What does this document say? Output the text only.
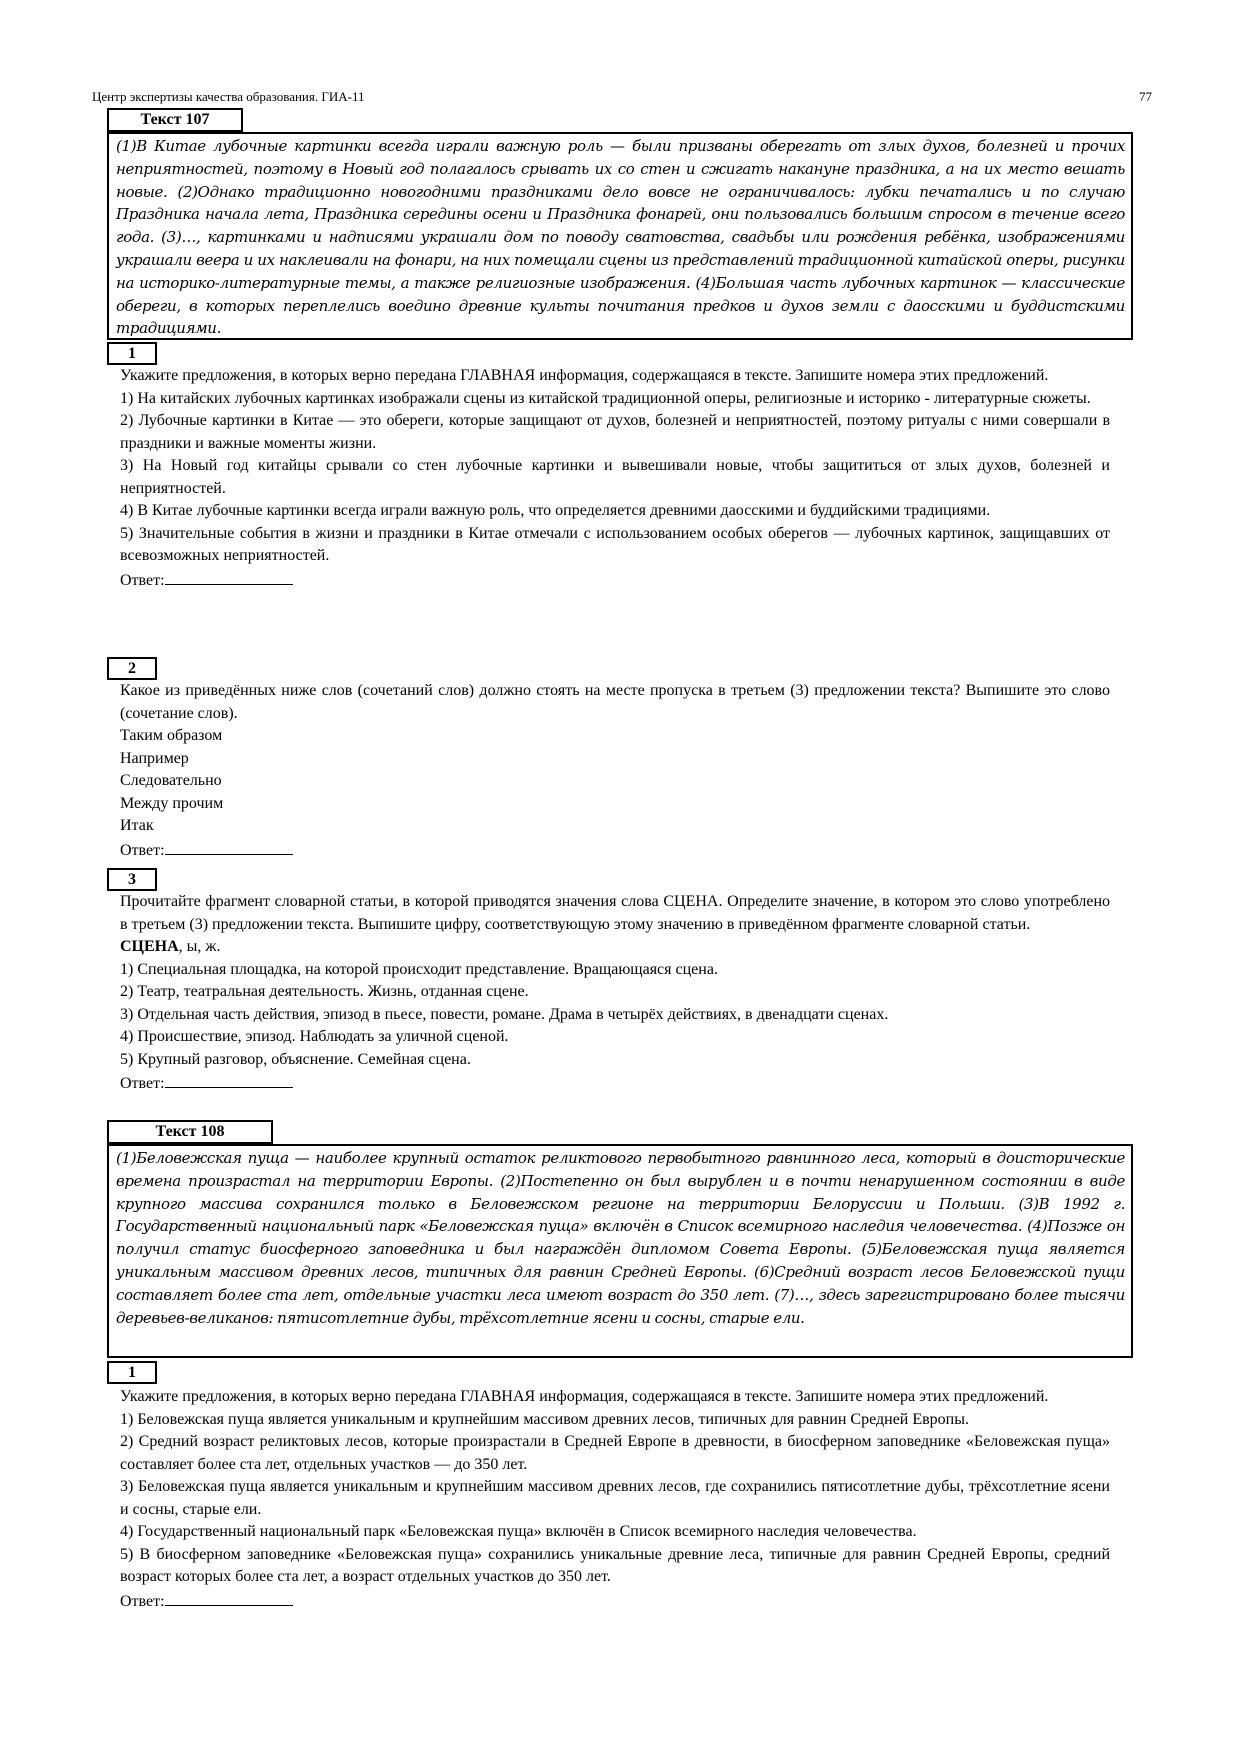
Центр экспертизы качества образования. ГИА-11	77
Текст 107
(1)В Китае лубочные картинки всегда играли важную роль — были призваны оберегать от злых духов, болезней и прочих неприятностей, поэтому в Новый год полагалось срывать их со стен и сжигать накануне праздника, а на их место вешать новые. (2)Однако традиционно новогодними праздниками дело вовсе не ограничивалось: лубки печатались и по случаю Праздника начала лета, Праздника середины осени и Праздника фонарей, они пользовались большим спросом в течение всего года. (3)…, картинками и надписями украшали дом по поводу сватовства, свадьбы или рождения ребёнка, изображениями украшали веера и их наклеивали на фонари, на них помещали сцены из представлений традиционной китайской оперы, рисунки на историко-литературные темы, а также религиозные изображения. (4)Большая часть лубочных картинок — классические обереги, в которых переплелись воедино древние культы почитания предков и духов земли с даосскими и буддистскими традициями.
1

Укажите предложения, в которых верно передана ГЛАВНАЯ информация, содержащаяся в тексте. Запишите номера этих предложений.

1) На китайских лубочных картинках изображали сцены из китайской традиционной оперы, религиозные и историко - литературные сюжеты.

2) Лубочные картинки в Китае — это обереги, которые защищают от духов, болезней и неприятностей, поэтому ритуалы с ними совершали в праздники и важные моменты жизни.

3) На Новый год китайцы срывали со стен лубочные картинки и вывешивали новые, чтобы защититься от злых духов, болезней и неприятностей.

4) В Китае лубочные картинки всегда играли важную роль, что определяется древними даосскими и буддийскими традициями.

5) Значительные события в жизни и праздники в Китае отмечали с использованием особых оберегов — лубочных картинок, защищавших от всевозможных неприятностей.

Ответ:

2

Какое из приведённых ниже слов (сочетаний слов) должно стоять на месте пропуска в третьем (3) предложении текста? Выпишите это слово (сочетание слов).

Таким образом

Например

Следовательно

Между прочим

Итак

Ответ:

3

Прочитайте фрагмент словарной статьи, в которой приводятся значения слова СЦЕНА. Определите значение, в котором это слово употреблено в третьем (3) предложении текста. Выпишите цифру, соответствующую этому значению в приведённом фрагменте словарной статьи.

СЦЕНА, ы, ж.

1) Специальная площадка, на которой происходит представление. Вращающаяся сцена.

2) Театр, театральная деятельность. Жизнь, отданная сцене.

3) Отдельная часть действия, эпизод в пьесе, повести, романе. Драма в четырёх действиях, в двенадцати сценах.

4) Происшествие, эпизод. Наблюдать за уличной сценой.

5) Крупный разговор, объяснение. Семейная сцена.

Ответ:

Текст 108
(1)Беловежская пуща — наиболее крупный остаток реликтового первобытного равнинного леса, который в доисторические времена произрастал на территории Европы. (2)Постепенно он был вырублен и в почти ненарушенном состоянии в виде крупного массива сохранился только в Беловежском регионе на территории Белоруссии и Польши. (3)В 1992 г. Государственный национальный парк «Беловежская пуща» включён в Список всемирного наследия человечества. (4)Позже он получил статус биосферного заповедника и был награждён дипломом Совета Европы. (5)Беловежская пуща является уникальным массивом древних лесов, типичных для равнин Средней Европы. (6)Средний возраст лесов Беловежской пущи составляет более ста лет, отдельные участки леса имеют возраст до 350 лет. (7)…, здесь зарегистрировано более тысячи деревьев-великанов: пятисотлетние дубы, трёхсотлетние ясени и сосны, старые ели.
1

Укажите предложения, в которых верно передана ГЛАВНАЯ информация, содержащаяся в тексте. Запишите номера этих предложений.

1) Беловежская пуща является уникальным и крупнейшим массивом древних лесов, типичных для равнин Средней Европы.

2) Средний возраст реликтовых лесов, которые произрастали в Средней Европе в древности, в биосферном заповеднике «Беловежская пуща» составляет более ста лет, отдельных участков — до 350 лет.

3) Беловежская пуща является уникальным и крупнейшим массивом древних лесов, где сохранились пятисотлетние дубы, трёхсотлетние ясени и сосны, старые ели.

4) Государственный национальный парк «Беловежская пуща» включён в Список всемирного наследия человечества.

5) В биосферном заповеднике «Беловежская пуща» сохранились уникальные древние леса, типичные для равнин Средней Европы, средний возраст которых более ста лет, а возраст отдельных участков до 350 лет.

Ответ:
